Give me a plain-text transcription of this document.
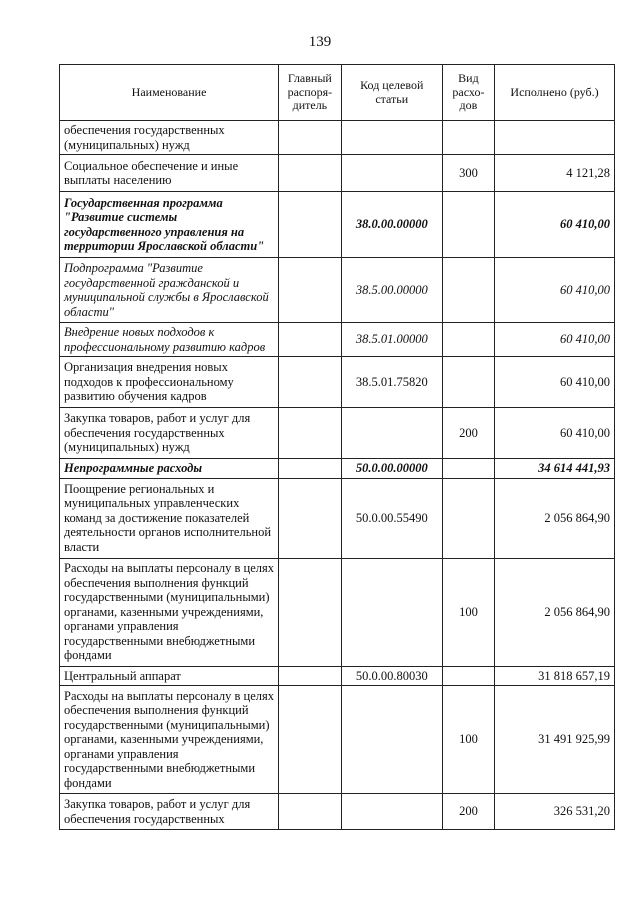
139
Наименование	Главный распоря-дитель	Код целевой статьи	Вид расхо-дов	Исполнено (руб.)
обеспечения государственных (муниципальных) нужд				
Социальное обеспечение и иные выплаты населению			300	4 121,28
Государственная программа "Развитие системы государственного управления на территории Ярославской области"		38.0.00.00000		60 410,00
Подпрограмма "Развитие государственной гражданской и муниципальной службы в Ярославской области"		38.5.00.00000		60 410,00
Внедрение новых подходов к профессиональному развитию кадров		38.5.01.00000		60 410,00
Организация внедрения новых подходов к профессиональному развитию обучения кадров		38.5.01.75820		60 410,00
Закупка товаров, работ и услуг для обеспечения государственных (муниципальных) нужд			200	60 410,00
Непрограммные расходы		50.0.00.00000		34 614 441,93
Поощрение региональных и муниципальных управленческих команд за достижение показателей деятельности органов исполнительной власти		50.0.00.55490		2 056 864,90
Расходы на выплаты персоналу в целях обеспечения выполнения функций государственными (муниципальными) органами, казенными учреждениями, органами управления государственными внебюджетными фондами			100	2 056 864,90
Центральный аппарат		50.0.00.80030		31 818 657,19
Расходы на выплаты персоналу в целях обеспечения выполнения функций государственными (муниципальными) органами, казенными учреждениями, органами управления государственными внебюджетными фондами			100	31 491 925,99
Закупка товаров, работ и услуг для обеспечения государственных			200	326 531,20
